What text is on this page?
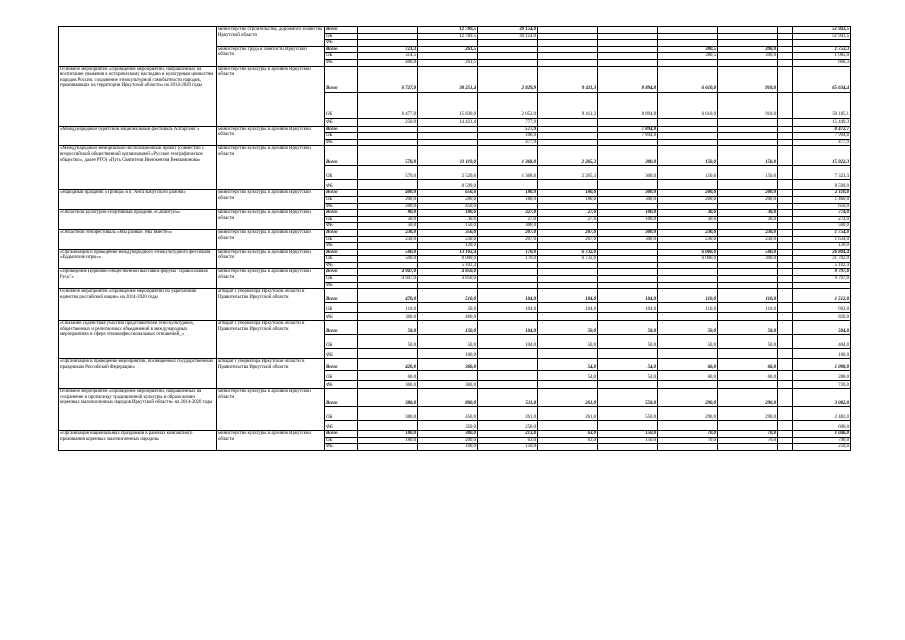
	министерство строительства, дорожного хозяйства Иркутской области	Всего		12 789,5	39 154,0						51 943,5
		ОБ		12 789,5	39 154,0						51 943,5
		ФБ									
	министерство труда и занятости Иркутской области	Всего	721,3	261,5				380,5	390,0		1 753,3
		ОБ	314,5					380,5	390,0		1 085,0
		ФБ	406,8	261,5							668,3
Основное мероприятие «Проведение мероприятий, направленных на воспитание уважения к историческому наследию и культурным ценностям народов России, сохранение этнокультурной самобытности народов, проживающих на территории Иркутской области» на 2014-2020 годы	министерство культуры и архивов Иркутской области	Всего	6 727,0	30 251,4	2 829,9	9 411,3	8 894,8	6 610,0	910,0		65 634,4
		ОБ	6 477,0	15 830,0	2 052,0	9 411,3	8 894,8	6 610,0	910,0		50 185,1
		ФБ	250,0	14 421,4	777,9						15 449,3
«Международный бурятский национальный фестиваль Алтаргана"»	министерство культуры и архивов Иркутской области	Всего			577,9		7 894,8				8 472,7
		ОБ			100,0		7 894,8				7 994,8
		ФБ			477,9						477,9
«Международный мемориально-экспозиционный проект (совместно с всероссийской общественной организацией «Русское географическое общество», далее РГО) «Путь Святителя Иннокентия Вениаминова»	министерство культуры и архивов Иркутской области	Всего	570,0	11 119,0	1 368,0	2 265,3	300,0	150,0	150,0		15 922,3
		ОБ	570,0	2 520,0	1 368,0	2 265,3	300,0	150,0	150,0		7 323,3
		ФБ		8 599,0							8 599,0
«Народный праздник «Троица» в п. Анга Качугского района»	министерство культуры и архивов Иркутской области	Всего	400,0	650,0	180,0	180,0	300,0	200,0	200,0		2 110,0
		ОБ	200,0	200,0	180,0	180,0	300,0	200,0	200,0		1 460,0
		ФБ	200,0	450,0							650,0
«Областной культурно-спортивный праздник «Сабантуй»»	министерство культуры и архивов Иркутской области	Всего	80,0	180,0	327,0	27,0	100,0	30,0	30,0		774,0
		ОБ	30,0	30,0	27,0	27,0	100,0	30,0	30,0		274,0
		ФБ	50,0	150,0	300,0						500,0
«Областной этнофестиваль «Мы разные. Мы вместе»»	министерство культуры и архивов Иркутской области	Всего	230,0	350,0	207,0	207,0	300,0	230,0	230,0		1 754,0
		ОБ	230,0	230,0	207,0	207,0	300,0	230,0	230,0		1 634,0
		ФБ		120,0							120,0
«Организация и проведение международного этнокультурного фестиваля «Ердынские игры»»	министерство культуры и архивов Иркутской области	Всего	500,0	13 102,4	170,0	6 732,0		6 000,0	500,0		26 804,4
		ОБ	500,0	8 000,0	170,0	6 732,0		6 000,0	300,0		21 702,0
		ФБ		5 102,4							5 102,4
«Проведение Церковно-общественной выставки-форума "Православная Русь"»	министерство культуры и архивов Иркутской области	Всего	4 947,0	4 850,0							9 797,0
		ОБ	4 947,0	4 850,0							9 797,0
		ФБ									
Основное мероприятие «Проведение мероприятий по укреплению единства российской нации» на 2014-2020 годы	аппарат Губернатора Иркутской области и Правительства Иркутской области	Всего	470,0	510,0	104,0	104,0	104,0	110,0	110,0		1 512,0
		ОБ	110,0	50,0	104,0	104,0	104,0	110,0	110,0		692,0
		ФБ	360,0	460,0							820,0
«Оказание содействия участию представителей этно-культурных, общественных и религиозных объединений в международных мероприятиях в сфере этноконфессиональных отношений_»	аппарат Губернатора Иркутской области и Правительства Иркутской области	Всего	50,0	150,0	104,0	50,0	50,0	50,0	50,0		504,0
		ОБ	50,0	50,0	104,0	50,0	50,0	50,0	50,0		404,0
		ФБ		100,0							100,0
«Организация и проведение мероприятий, посвященных государственным праздникам Российской Федерации»	аппарат Губернатора Иркутской области и Правительства Иркутской области	Всего	420,0	360,0		54,0	54,0	60,0	60,0		1 008,0
		ОБ	60,0			54,0	54,0	60,0	60,0		288,0
		ФБ	360,0	360,0							720,0
Основное мероприятие «Проведение мероприятий, направленных на сохранение и пропаганду традиционной культуры и образа жизни коренных малочисленных народов Иркутской области» на 2014-2020 годы	министерство культуры и архивов Иркутской области	Всего	380,0	800,0	511,0	261,0	550,0	290,0	290,0		3 082,0
		ОБ	380,0	450,0	261,0	261,0	550,0	290,0	290,0		2 482,0
		ФБ		350,0	250,0						600,0
«Организация национальных праздников в районах компактного проживания коренных малочисленных народов»	министерство культуры и архивов Иркутской области	Всего	180,0	300,0	213,0	63,0	150,0	70,0	70,0		1 046,0
		ОБ	180,0	200,0	63,0	63,0	150,0	70,0	70,0		796,0
		ФБ		100,0	150,0						250,0
